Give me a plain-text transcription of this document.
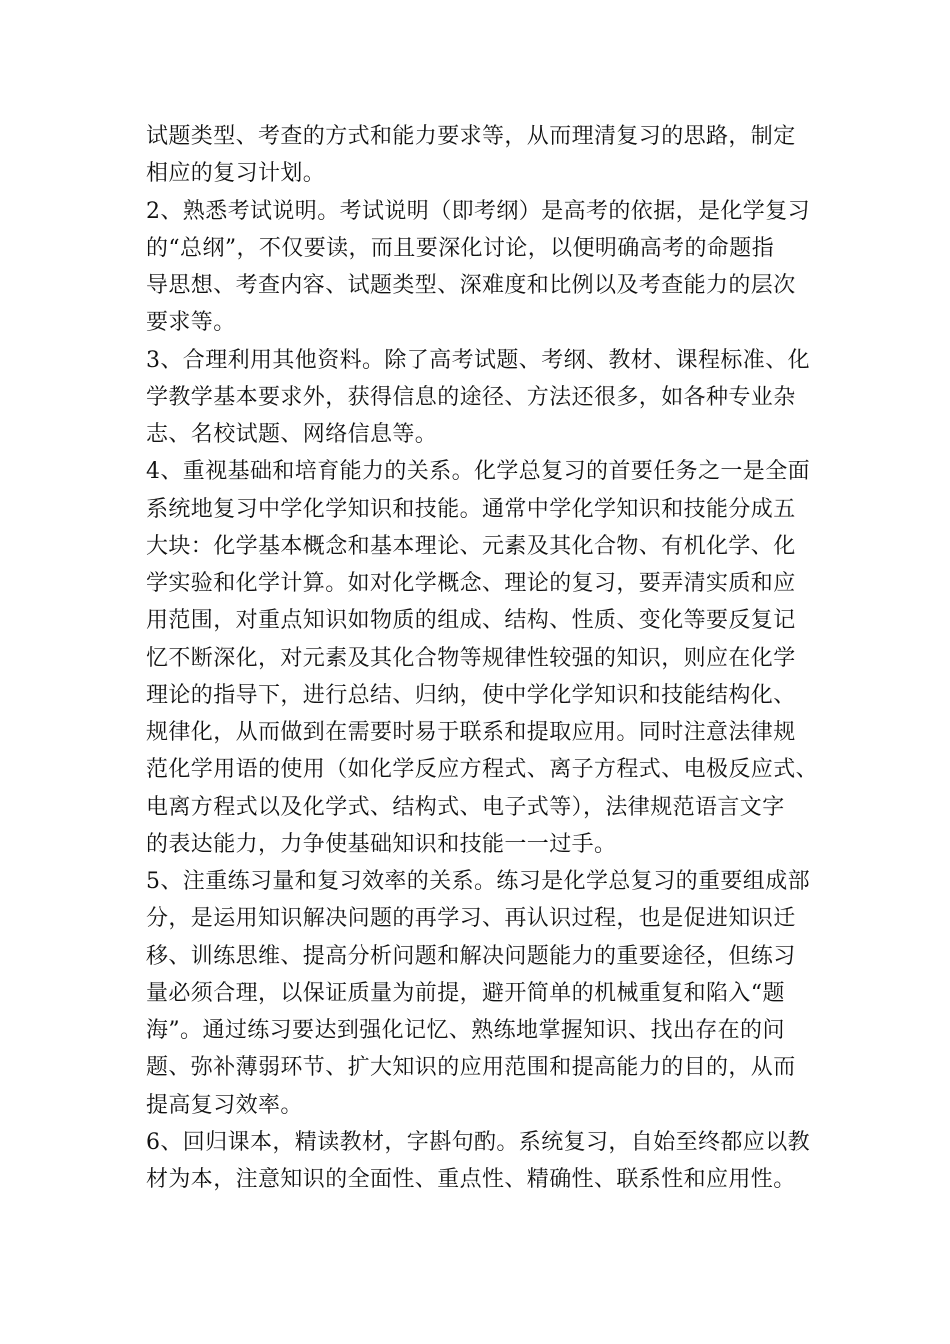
试题类型、考查的方式和能力要求等，从而理清复习的思路，制定
相应的复习计划。
2、熟悉考试说明。考试说明（即考纲）是高考的依据，是化学复习
的“总纲”，不仅要读，而且要深化讨论，以便明确高考的命题指
导思想、考查内容、试题类型、深难度和比例以及考查能力的层次
要求等。
3、合理利用其他资料。除了高考试题、考纲、教材、课程标准、化
学教学基本要求外，获得信息的途径、方法还很多，如各种专业杂
志、名校试题、网络信息等。
4、重视基础和培育能力的关系。化学总复习的首要任务之一是全面
系统地复习中学化学知识和技能。通常中学化学知识和技能分成五
大块：化学基本概念和基本理论、元素及其化合物、有机化学、化
学实验和化学计算。如对化学概念、理论的复习，要弄清实质和应
用范围，对重点知识如物质的组成、结构、性质、变化等要反复记
忆不断深化，对元素及其化合物等规律性较强的知识，则应在化学
理论的指导下，进行总结、归纳，使中学化学知识和技能结构化、
规律化，从而做到在需要时易于联系和提取应用。同时注意法律规
范化学用语的使用（如化学反应方程式、离子方程式、电极反应式、
电离方程式以及化学式、结构式、电子式等），法律规范语言文字
的表达能力，力争使基础知识和技能一一过手。
5、注重练习量和复习效率的关系。练习是化学总复习的重要组成部
分，是运用知识解决问题的再学习、再认识过程，也是促进知识迁
移、训练思维、提高分析问题和解决问题能力的重要途径，但练习
量必须合理，以保证质量为前提，避开简单的机械重复和陷入“题
海”。通过练习要达到强化记忆、熟练地掌握知识、找出存在的问
题、弥补薄弱环节、扩大知识的应用范围和提高能力的目的，从而
提高复习效率。
6、回归课本，精读教材，字斟句酌。系统复习，自始至终都应以教
材为本，注意知识的全面性、重点性、精确性、联系性和应用性。
